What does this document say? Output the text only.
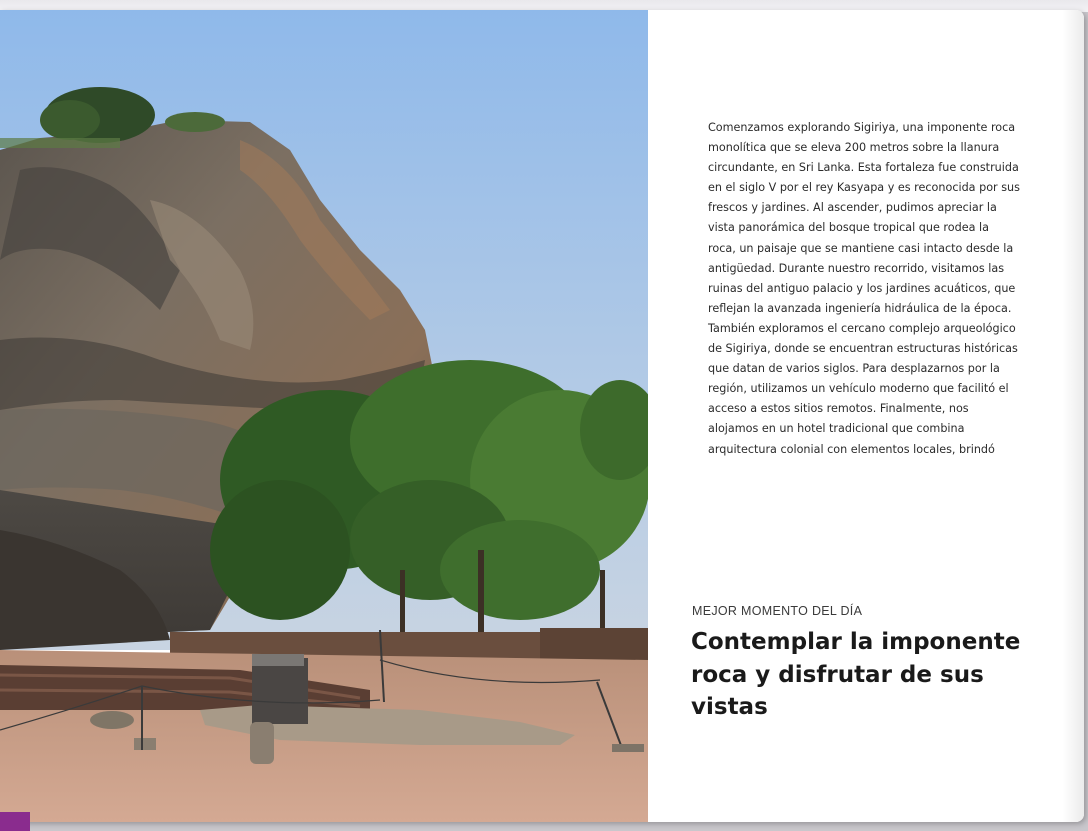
Comenzamos explorando Sigiriya, una imponente roca monolítica que se eleva 200 metros sobre la llanura circundante, en Sri Lanka. Esta fortaleza fue construida en el siglo V por el rey Kasyapa y es reconocida por sus frescos y jardines. Al ascender, pudimos apreciar la vista panorámica del bosque tropical que rodea la roca, un paisaje que se mantiene casi intacto desde la antigüedad. Durante nuestro recorrido, visitamos las ruinas del antiguo palacio y los jardines acuáticos, que reflejan la avanzada ingeniería hidráulica de la época. También exploramos el cercano complejo arqueológico de Sigiriya, donde se encuentran estructuras históricas que datan de varios siglos. Para desplazarnos por la región, utilizamos un vehículo moderno que facilitó el acceso a estos sitios remotos. Finalmente, nos alojamos en un hotel tradicional que combina arquitectura colonial con elementos locales, brindó

MEJOR MOMENTO DEL DÍA

Contemplar la imponente roca y disfrutar de sus vistas
